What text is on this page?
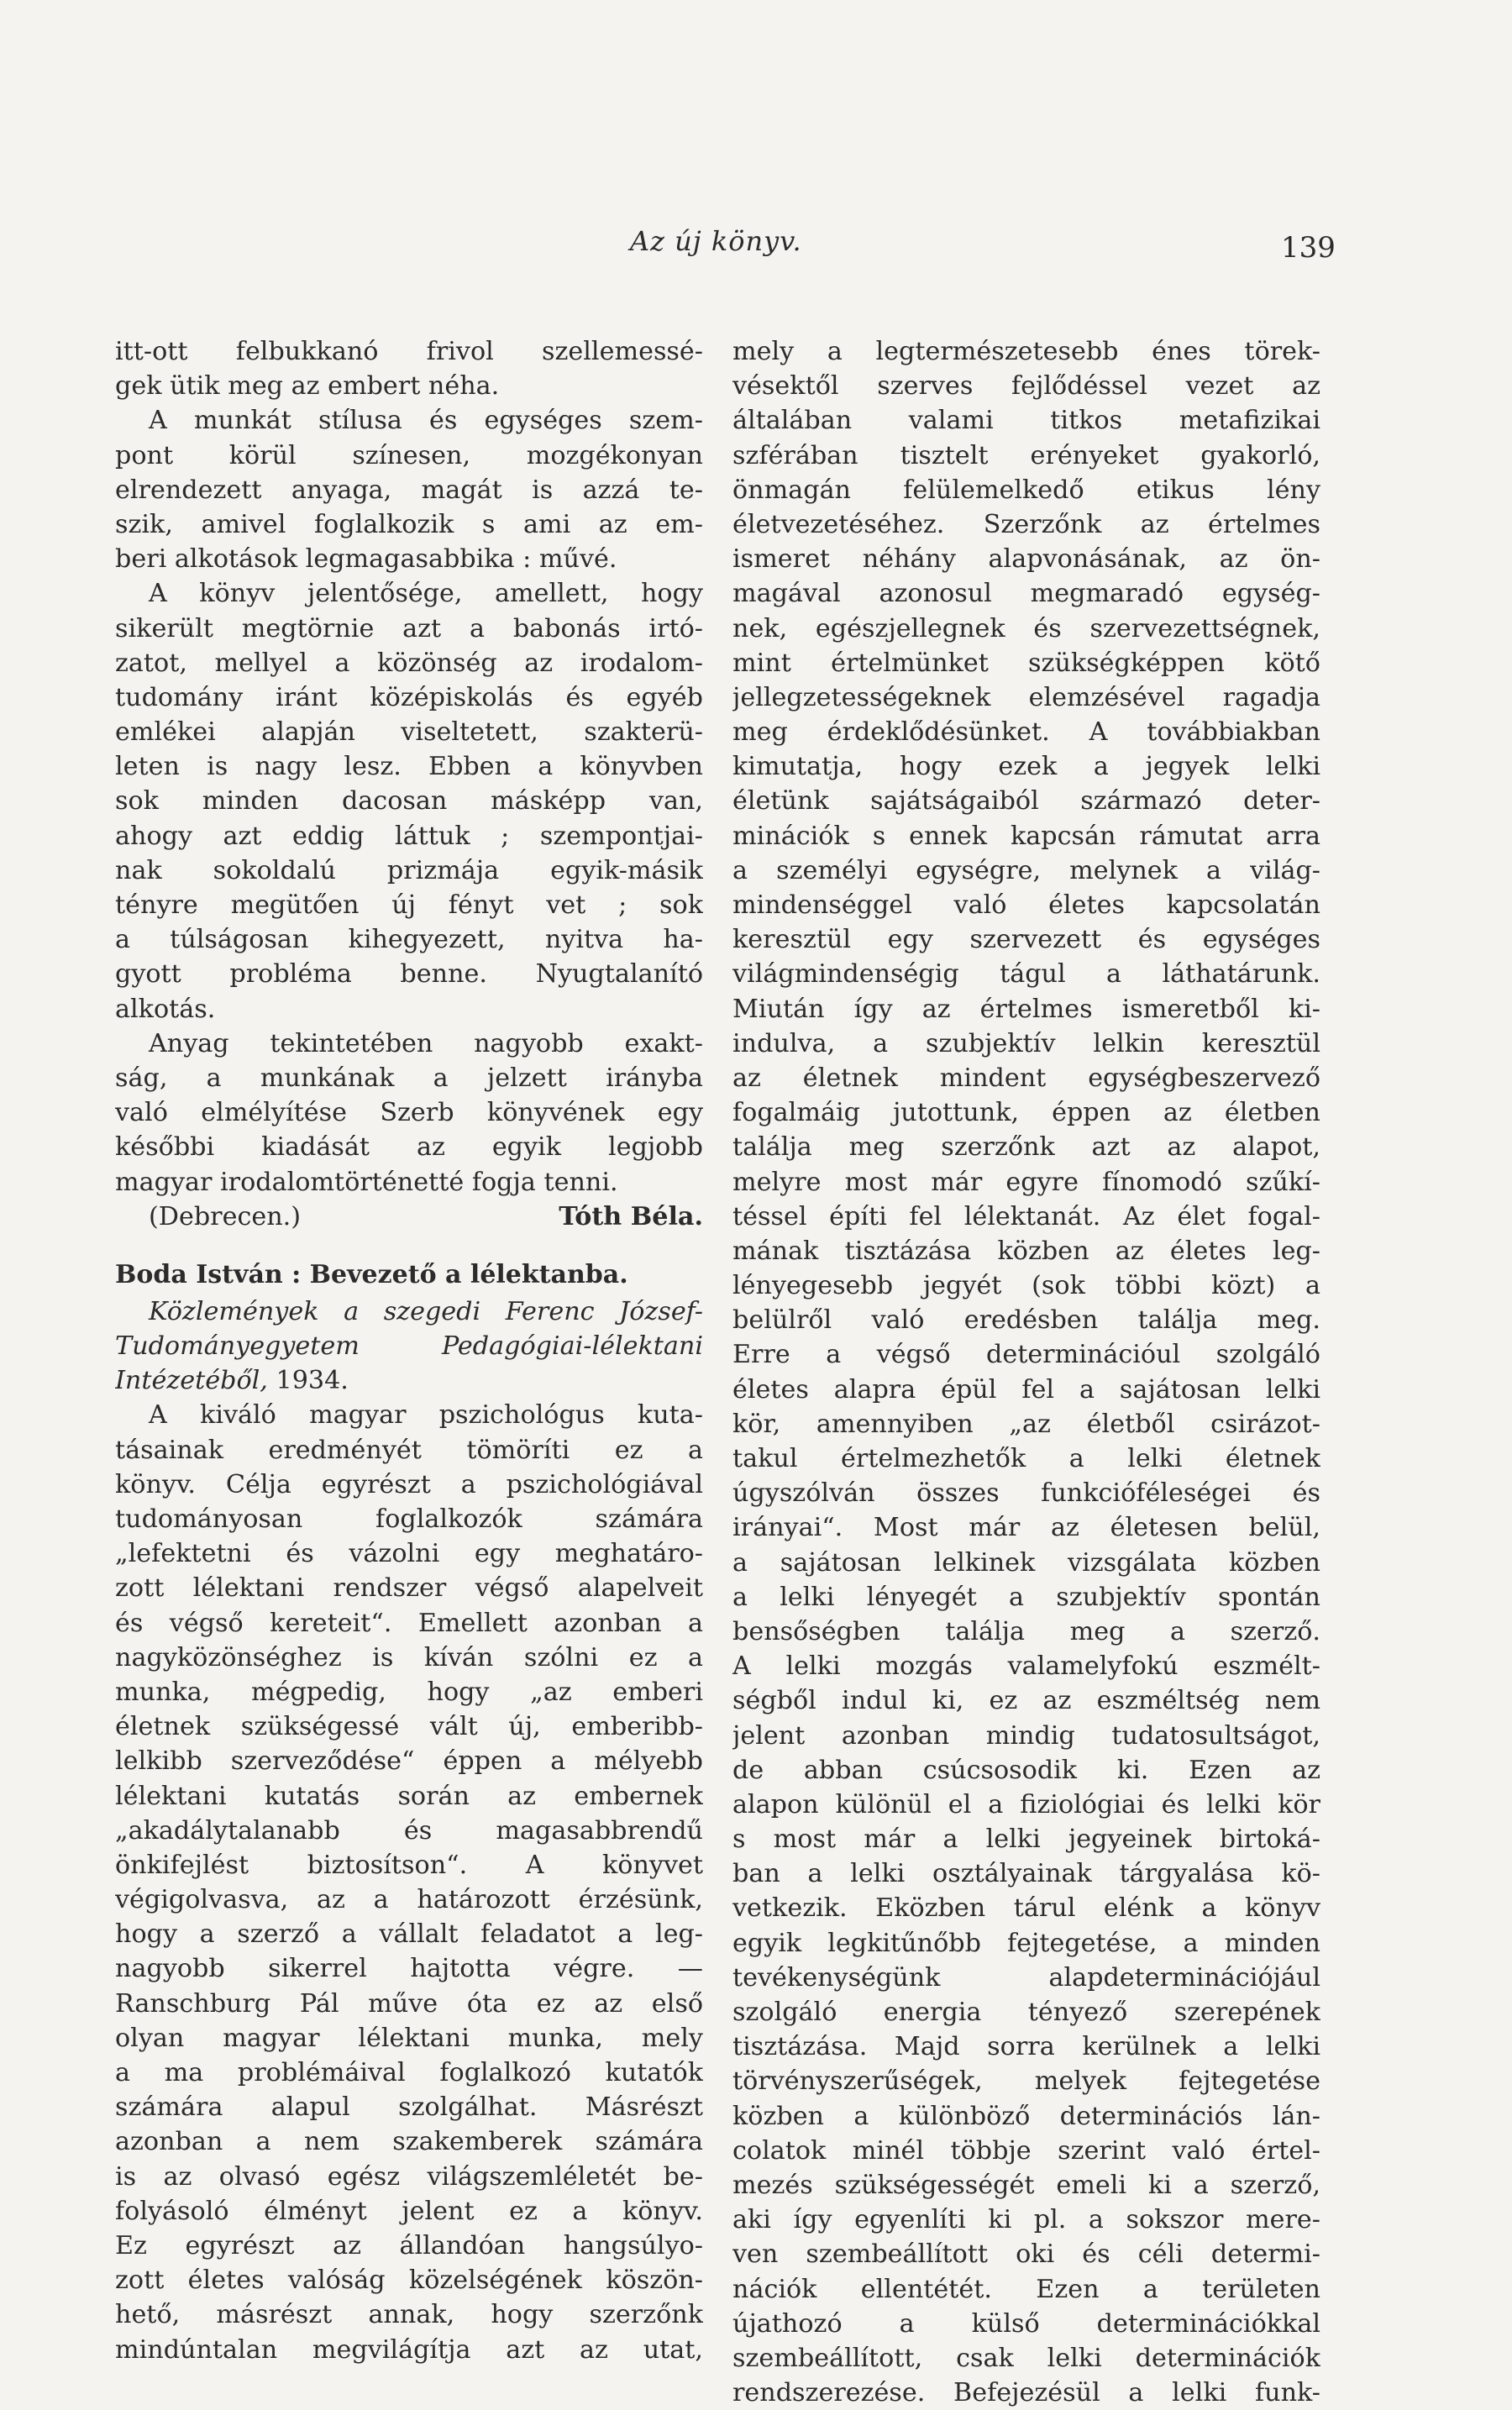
Az új könyv.	139
itt-ott felbukkanó frivol szellemessé-
gek ütik meg az embert néha.
A munkát stílusa és egységes szem-
pont körül színesen, mozgékonyan
elrendezett anyaga, magát is azzá te-
szik, amivel foglalkozik s ami az em-
beri alkotások legmagasabbika : művé.
A könyv jelentősége, amellett, hogy
sikerült megtörnie azt a babonás irtó-
zatot, mellyel a közönség az irodalom-
tudomány iránt középiskolás és egyéb
emlékei alapján viseltetett, szakterü-
leten is nagy lesz. Ebben a könyvben
sok minden dacosan másképp van,
ahogy azt eddig láttuk ; szempontjai-
nak sokoldalú prizmája egyik-másik
tényre megütően új fényt vet ; sok
a túlságosan kihegyezett, nyitva ha-
gyott probléma benne. Nyugtalanító
alkotás.
Anyag tekintetében nagyobb exakt-
ság, a munkának a jelzett irányba
való elmélyítése Szerb könyvének egy
későbbi kiadását az egyik legjobb
magyar irodalomtörténetté fogja tenni.
(Debrecen.)	Tóth Béla.
Boda István : Bevezető a lélektanba.
Közlemények a szegedi Ferenc József-
Tudományegyetem Pedagógiai-lélektani
Intézetéből, 1934.
A kiváló magyar pszichológus kuta-
tásainak eredményét tömöríti ez a
könyv. Célja egyrészt a pszichológiával
tudományosan foglalkozók számára
„lefektetni és vázolni egy meghatáro-
zott lélektani rendszer végső alapelveit
és végső kereteit“. Emellett azonban a
nagyközönséghez is kíván szólni ez a
munka, mégpedig, hogy „az emberi
életnek szükségessé vált új, emberibb-
lelkibb szerveződése“ éppen a mélyebb
lélektani kutatás során az embernek
„akadálytalanabb és magasabbrendű
önkifejlést biztosítson“. A könyvet
végigolvasva, az a határozott érzésünk,
hogy a szerző a vállalt feladatot a leg-
nagyobb sikerrel hajtotta végre. —
Ranschburg Pál műve óta ez az első
olyan magyar lélektani munka, mely
a ma problémáival foglalkozó kutatók
számára alapul szolgálhat. Másrészt
azonban a nem szakemberek számára
is az olvasó egész világszemléletét be-
folyásoló élményt jelent ez a könyv.
Ez egyrészt az állandóan hangsúlyo-
zott életes valóság közelségének köszön-
hető, másrészt annak, hogy szerzőnk
mindúntalan megvilágítja azt az utat,
mely a legtermészetesebb énes törek-
vésektől szerves fejlődéssel vezet az
általában valami titkos metafizikai
szférában tisztelt erényeket gyakorló,
önmagán felülemelkedő etikus lény
életvezetéséhez. Szerzőnk az értelmes
ismeret néhány alapvonásának, az ön-
magával azonosul megmaradó egység-
nek, egészjellegnek és szervezettségnek,
mint értelmünket szükségképpen kötő
jellegzetességeknek elemzésével ragadja
meg érdeklődésünket. A továbbiakban
kimutatja, hogy ezek a jegyek lelki
életünk sajátságaiból származó deter-
minációk s ennek kapcsán rámutat arra
a személyi egységre, melynek a világ-
mindenséggel való életes kapcsolatán
keresztül egy szervezett és egységes
világmindenségig tágul a láthatárunk.
Miután így az értelmes ismeretből ki-
indulva, a szubjektív lelkin keresztül
az életnek mindent egységbeszervező
fogalmáig jutottunk, éppen az életben
találja meg szerzőnk azt az alapot,
melyre most már egyre fínomodó szűkí-
téssel építi fel lélektanát. Az élet fogal-
mának tisztázása közben az életes leg-
lényegesebb jegyét (sok többi közt) a
belülről való eredésben találja meg.
Erre a végső determinációul szolgáló
életes alapra épül fel a sajátosan lelki
kör, amennyiben „az életből csirázot-
takul értelmezhetők a lelki életnek
úgyszólván összes funkcióféleségei és
irányai“. Most már az életesen belül,
a sajátosan lelkinek vizsgálata közben
a lelki lényegét a szubjektív spontán
bensőségben találja meg a szerző.
A lelki mozgás valamelyfokú eszmélt-
ségből indul ki, ez az eszméltség nem
jelent azonban mindig tudatosultságot,
de abban csúcsosodik ki. Ezen az
alapon különül el a fiziológiai és lelki kör
s most már a lelki jegyeinek birtoká-
ban a lelki osztályainak tárgyalása kö-
vetkezik. Eközben tárul elénk a könyv
egyik legkitűnőbb fejtegetése, a minden
tevékenységünk alapdeterminációjául
szolgáló energia tényező szerepének
tisztázása. Majd sorra kerülnek a lelki
törvényszerűségek, melyek fejtegetése
közben a különböző determinációs lán-
colatok minél többje szerint való értel-
mezés szükségességét emeli ki a szerző,
aki így egyenlíti ki pl. a sokszor mere-
ven szembeállított oki és céli determi-
nációk ellentétét. Ezen a területen
újathozó a külső determinációkkal
szembeállított, csak lelki determinációk
rendszerezése. Befejezésül a lelki funk-
